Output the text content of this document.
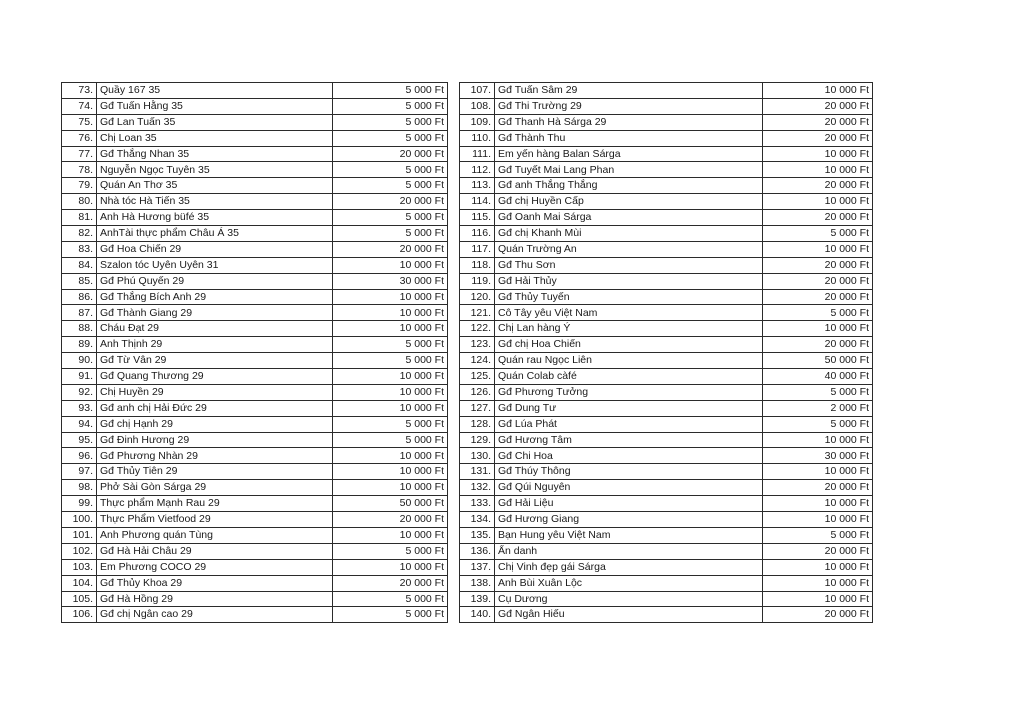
73.	Quầy 167 35	5 000 Ft
74.	Gđ Tuấn Hằng 35	5 000 Ft
75.	Gđ Lan Tuấn 35	5 000 Ft
76.	Chị Loan 35	5 000 Ft
77.	Gđ Thắng Nhan 35	20 000 Ft
78.	Nguyễn Ngọc Tuyên 35	5 000 Ft
79.	Quán An Thơ 35	5 000 Ft
80.	Nhà tóc Hà Tiến 35	20 000 Ft
81.	Anh Hà Hương büfé 35	5 000 Ft
82.	AnhTài thực phẩm Châu Á 35	5 000 Ft
83.	Gđ Hoa Chiến 29	20 000 Ft
84.	Szalon tóc Uyên Uyên 31	10 000 Ft
85.	Gđ Phú Quyến 29	30 000 Ft
86.	Gđ Thắng Bích Anh 29	10 000 Ft
87.	Gđ Thành Giang 29	10 000 Ft
88.	Cháu Đạt 29	10 000 Ft
89.	Anh Thịnh 29	5 000 Ft
90.	Gđ Từ Vân 29	5 000 Ft
91.	Gđ Quang Thương 29	10 000 Ft
92.	Chị Huyền 29	10 000 Ft
93.	Gđ anh chị Hải Đức 29	10 000 Ft
94.	Gđ chị Hạnh 29	5 000 Ft
95.	Gđ Đinh Hương 29	5 000 Ft
96.	Gđ Phương Nhàn 29	10 000 Ft
97.	Gđ Thủy Tiên 29	10 000 Ft
98.	Phở Sài Gòn Sárga 29	10 000 Ft
99.	Thực phẩm Mạnh Rau 29	50 000 Ft
100.	Thực Phẩm Vietfood 29	20 000 Ft
101.	Anh Phương quán Tùng	10 000 Ft
102.	Gđ Hà Hải Châu 29	5 000 Ft
103.	Em Phương COCO 29	10 000 Ft
104.	Gđ Thủy Khoa 29	20 000 Ft
105.	Gđ Hà Hồng 29	5 000 Ft
106.	Gđ chị Ngân cao 29	5 000 Ft
107.	Gđ Tuấn Sâm 29	10 000 Ft
108.	Gđ Thi Trường 29	20 000 Ft
109.	Gđ Thanh Hà Sárga 29	20 000 Ft
110.	Gđ Thành Thu	20 000 Ft
111.	Em yến hàng Balan Sárga	10 000 Ft
112.	Gđ Tuyết Mai Lang Phan	10 000 Ft
113.	Gđ anh Thắng Thắng	20 000 Ft
114.	Gđ chị Huyền Cấp	10 000 Ft
115.	Gđ Oanh Mai Sárga	20 000 Ft
116.	Gđ chị Khanh Mùi	5 000 Ft
117.	Quán Trường An	10 000 Ft
118.	Gđ Thu Sơn	20 000 Ft
119.	Gđ Hải Thủy	20 000 Ft
120.	Gđ Thủy Tuyến	20 000 Ft
121.	Cô Tây yêu Việt Nam	5 000 Ft
122.	Chị Lan hàng Ý	10 000 Ft
123.	Gđ chị Hoa Chiến	20 000 Ft
124.	Quán rau Ngọc Liên	50 000 Ft
125.	Quán Colab càfé	40 000 Ft
126.	Gđ Phương Tưởng	5 000 Ft
127.	Gđ Dung Tư	2 000 Ft
128.	Gđ Lúa Phát	5 000 Ft
129.	Gđ Hương Tâm	10 000 Ft
130.	Gđ Chi Hoa	30 000 Ft
131.	Gđ Thúy Thông	10 000 Ft
132.	Gđ Qúi Nguyên	20 000 Ft
133.	Gđ Hải Liệu	10 000 Ft
134.	Gđ Hương Giang	10 000 Ft
135.	Bạn Hung yêu Việt Nam	5 000 Ft
136.	Ẩn danh	20 000 Ft
137.	Chị Vinh đẹp gái Sárga	10 000 Ft
138.	Anh Bùi Xuân Lộc	10 000 Ft
139.	Cụ Dương	10 000 Ft
140.	Gđ Ngân Hiếu	20 000 Ft
